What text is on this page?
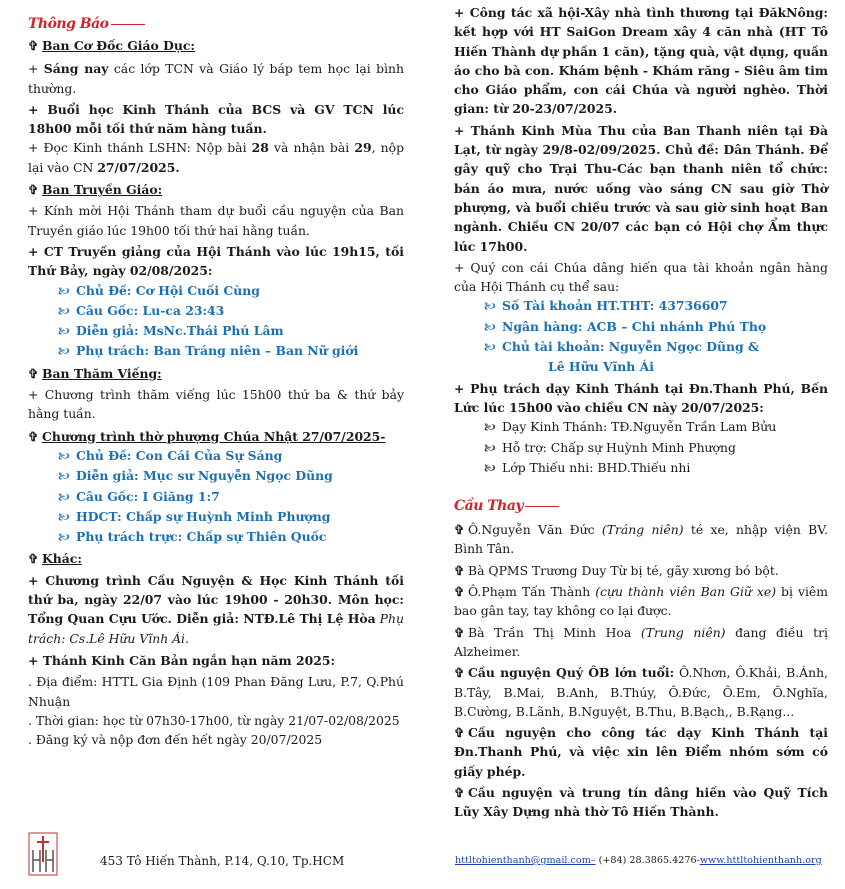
Thông Báo
✞ Ban Cơ Đốc Giáo Dục:

+ Sáng nay các lớp TCN và Giáo lý báp tem học lại bình thường.

+ Buổi học Kinh Thánh của BCS và GV TCN lúc 18h00 mỗi tối thứ năm hàng tuần.

+ Đọc Kinh thánh LSHN: Nộp bài 28 và nhận bài 29, nộp lại vào CN 27/07/2025.

✞ Ban Truyền Giáo:

+ Kính mời Hội Thánh tham dự buổi cầu nguyện của Ban Truyền giáo lúc 19h00 tối thứ hai hằng tuần.

+ CT Truyền giảng của Hội Thánh vào lúc 19h15, tối Thứ Bảy, ngày 02/08/2025:

🙤 Chủ Đề: Cơ Hội Cuối Cùng
🙤 Câu Gốc: Lu-ca 23:43
🙤 Diễn giả: MsNc.Thái Phú Lâm
🙤 Phụ trách: Ban Tráng niên – Ban Nữ giới
✞ Ban Thăm Viếng:

+ Chương trình thăm viếng lúc 15h00 thứ ba & thứ bảy hằng tuần.

✞ Chương trình thờ phượng Chúa Nhật 27/07/2025-
🙤 Chủ Đề: Con Cái Của Sự Sáng
🙤 Diễn giả: Mục sư Nguyễn Ngọc Dũng
🙤 Câu Gốc: I Giăng 1:7
🙤 HDCT: Chấp sự Huỳnh Minh Phượng
🙤 Phụ trách trực: Chấp sự Thiên Quốc
✞ Khác:

+ Chương trình Cầu Nguyện & Học Kinh Thánh tối thứ ba, ngày 22/07 vào lúc 19h00 - 20h30. Môn học: Tổng Quan Cựu Ước. Diễn giả: NTĐ.Lê Thị Lệ Hòa Phụ trách: Cs.Lê Hữu Vĩnh Ái.

+ Thánh Kinh Căn Bản ngắn hạn năm 2025:

. Địa điểm: HTTL Gia Định (109 Phan Đăng Lưu, P.7, Q.Phú Nhuận

. Thời gian: học từ 07h30-17h00, từ ngày 21/07-02/08/2025

. Đăng ký và nộp đơn đến hết ngày 20/07/2025

+ Công tác xã hội-Xây nhà tình thương tại ĐăkNông: kết hợp với HT SaiGon Dream xây 4 căn nhà (HT Tô Hiến Thành dự phần 1 căn), tặng quà, vật dụng, quần áo cho bà con. Khám bệnh - Khám răng - Siêu âm tim cho Giáo phẩm, con cái Chúa và người nghèo. Thời gian: từ 20-23/07/2025.

+ Thánh Kinh Mùa Thu của Ban Thanh niên tại Đà Lạt, từ ngày 29/8-02/09/2025. Chủ đề: Dân Thánh. Để gây quỹ cho Trại Thu-Các bạn thanh niên tổ chức: bán áo mưa, nước uống vào sáng CN sau giờ Thờ phượng, và buổi chiều trước và sau giờ sinh hoạt Ban ngành. Chiều CN 20/07 các bạn có Hội chợ Ẩm thực lúc 17h00.

+ Quý con cái Chúa dâng hiến qua tài khoản ngân hàng của Hội Thánh cụ thể sau:

🙤 Số Tài khoản HT.THT: 43736607
🙤 Ngân hàng: ACB – Chi nhánh Phú Thọ
🙤 Chủ tài khoản: Nguyễn Ngọc Dũng &
Lê Hữu Vĩnh Ái

+ Phụ trách dạy Kinh Thánh tại Đn.Thanh Phú, Bến Lức lúc 15h00 vào chiều CN này 20/07/2025:

🙤 Dạy Kinh Thánh: TĐ.Nguyễn Trần Lam Bửu
🙤 Hỗ trợ: Chấp sự Huỳnh Minh Phượng
🙤 Lớp Thiếu nhi: BHD.Thiếu nhi
Cầu Thay

✞ Ô.Nguyễn Văn Đức (Tráng niên) té xe, nhập viện BV. Bình Tân.

✞ Bà QPMS Trương Duy Từ bị té, gãy xương bó bột.

✞ Ô.Phạm Tấn Thành (cựu thành viên Ban Giữ xe) bị viêm bao gân tay, tay không co lại được.

✞ Bà Trần Thị Minh Hoa (Trung niên) đang điều trị Alzheimer.

✞ Cầu nguyện Quý ÔB lớn tuổi: Ô.Nhơn, Ô.Khải, B.Ánh, B.Tây, B.Mai, B.Anh, B.Thúy, Ô.Đức, Ô.Em, Ô.Nghĩa, B.Cường, B.Lãnh, B.Nguyệt, B.Thu, B.Bạch,, B.Rạng...

✞ Cầu nguyện cho công tác dạy Kinh Thánh tại Đn.Thanh Phú, và việc xin lên Điểm nhóm sớm có giấy phép.

✞ Cầu nguyện và trung tín dâng hiến vào Quỹ Tích Lũy Xây Dựng nhà thờ Tô Hiến Thành.

453 Tô Hiến Thành, P.14, Q.10, Tp.HCM	httltohienthanh@gmail.com– (+84) 28.3865.4276-www.httltohienthanh.org
